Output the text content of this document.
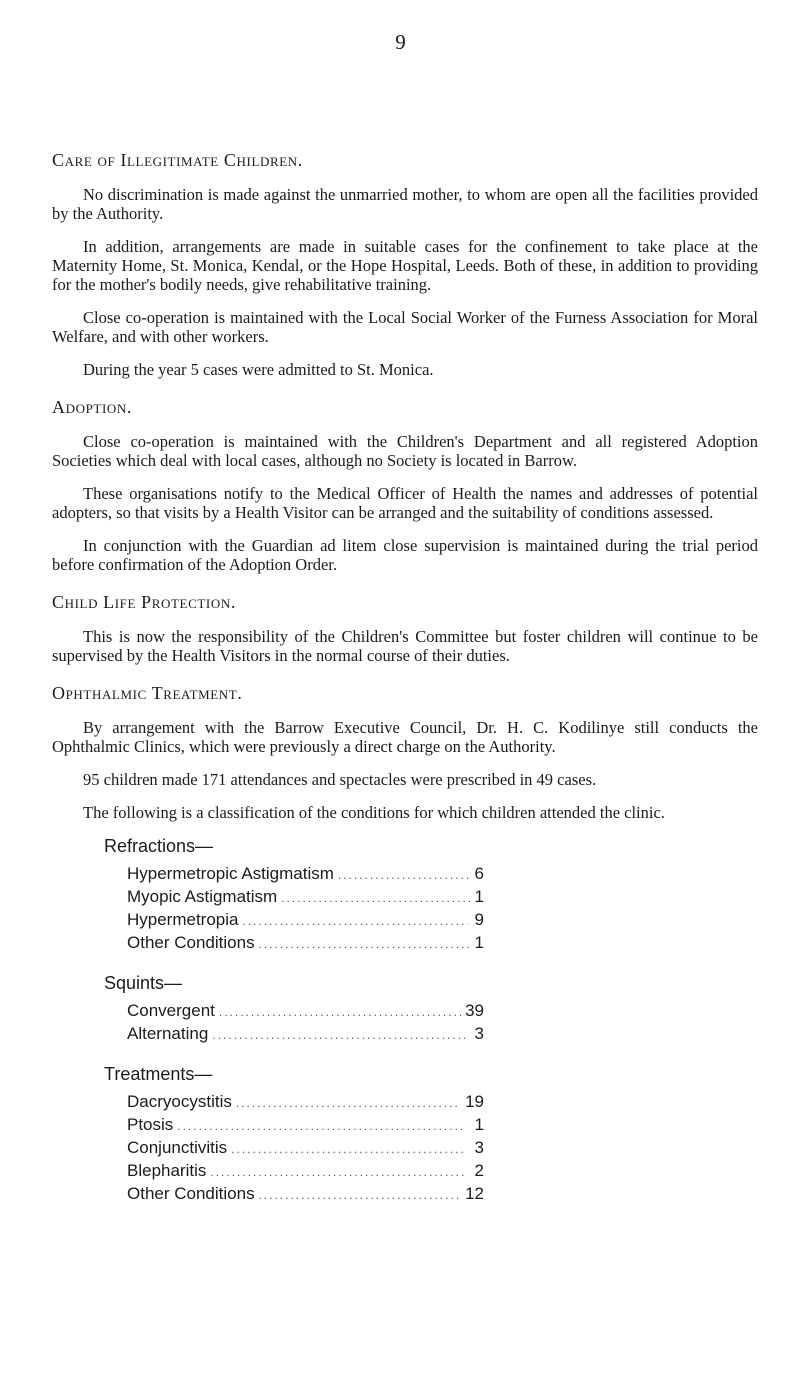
9
Care of Illegitimate Children.

No discrimination is made against the unmarried mother, to whom are open all the facilities provided by the Authority.

In addition, arrangements are made in suitable cases for the confinement to take place at the Maternity Home, St. Monica, Kendal, or the Hope Hospital, Leeds. Both of these, in addition to providing for the mother's bodily needs, give rehabilitative training.

Close co-operation is maintained with the Local Social Worker of the Furness Association for Moral Welfare, and with other workers.

During the year 5 cases were admitted to St. Monica.

Adoption.

Close co-operation is maintained with the Children's Department and all registered Adoption Societies which deal with local cases, although no Society is located in Barrow.

These organisations notify to the Medical Officer of Health the names and addresses of potential adopters, so that visits by a Health Visitor can be arranged and the suitability of conditions assessed.

In conjunction with the Guardian ad litem close supervision is maintained during the trial period before confirmation of the Adoption Order.

Child Life Protection.

This is now the responsibility of the Children's Committee but foster children will continue to be supervised by the Health Visitors in the normal course of their duties.

Ophthalmic Treatment.

By arrangement with the Barrow Executive Council, Dr. H. C. Kodilinye still conducts the Ophthalmic Clinics, which were previously a direct charge on the Authority.

95 children made 171 attendances and spectacles were prescribed in 49 cases.

The following is a classification of the conditions for which children attended the clinic.

Refractions—
Hypermetropic Astigmatism .....	6
Myopic Astigmatism .....	1
Hypermetropia .....	9
Other Conditions .....	1
Squints—
Convergent .....	39
Alternating .....	3
Treatments—
Dacryocystitis .....	19
Ptosis .....	1
Conjunctivitis .....	3
Blepharitis .....	2
Other Conditions .....	12
